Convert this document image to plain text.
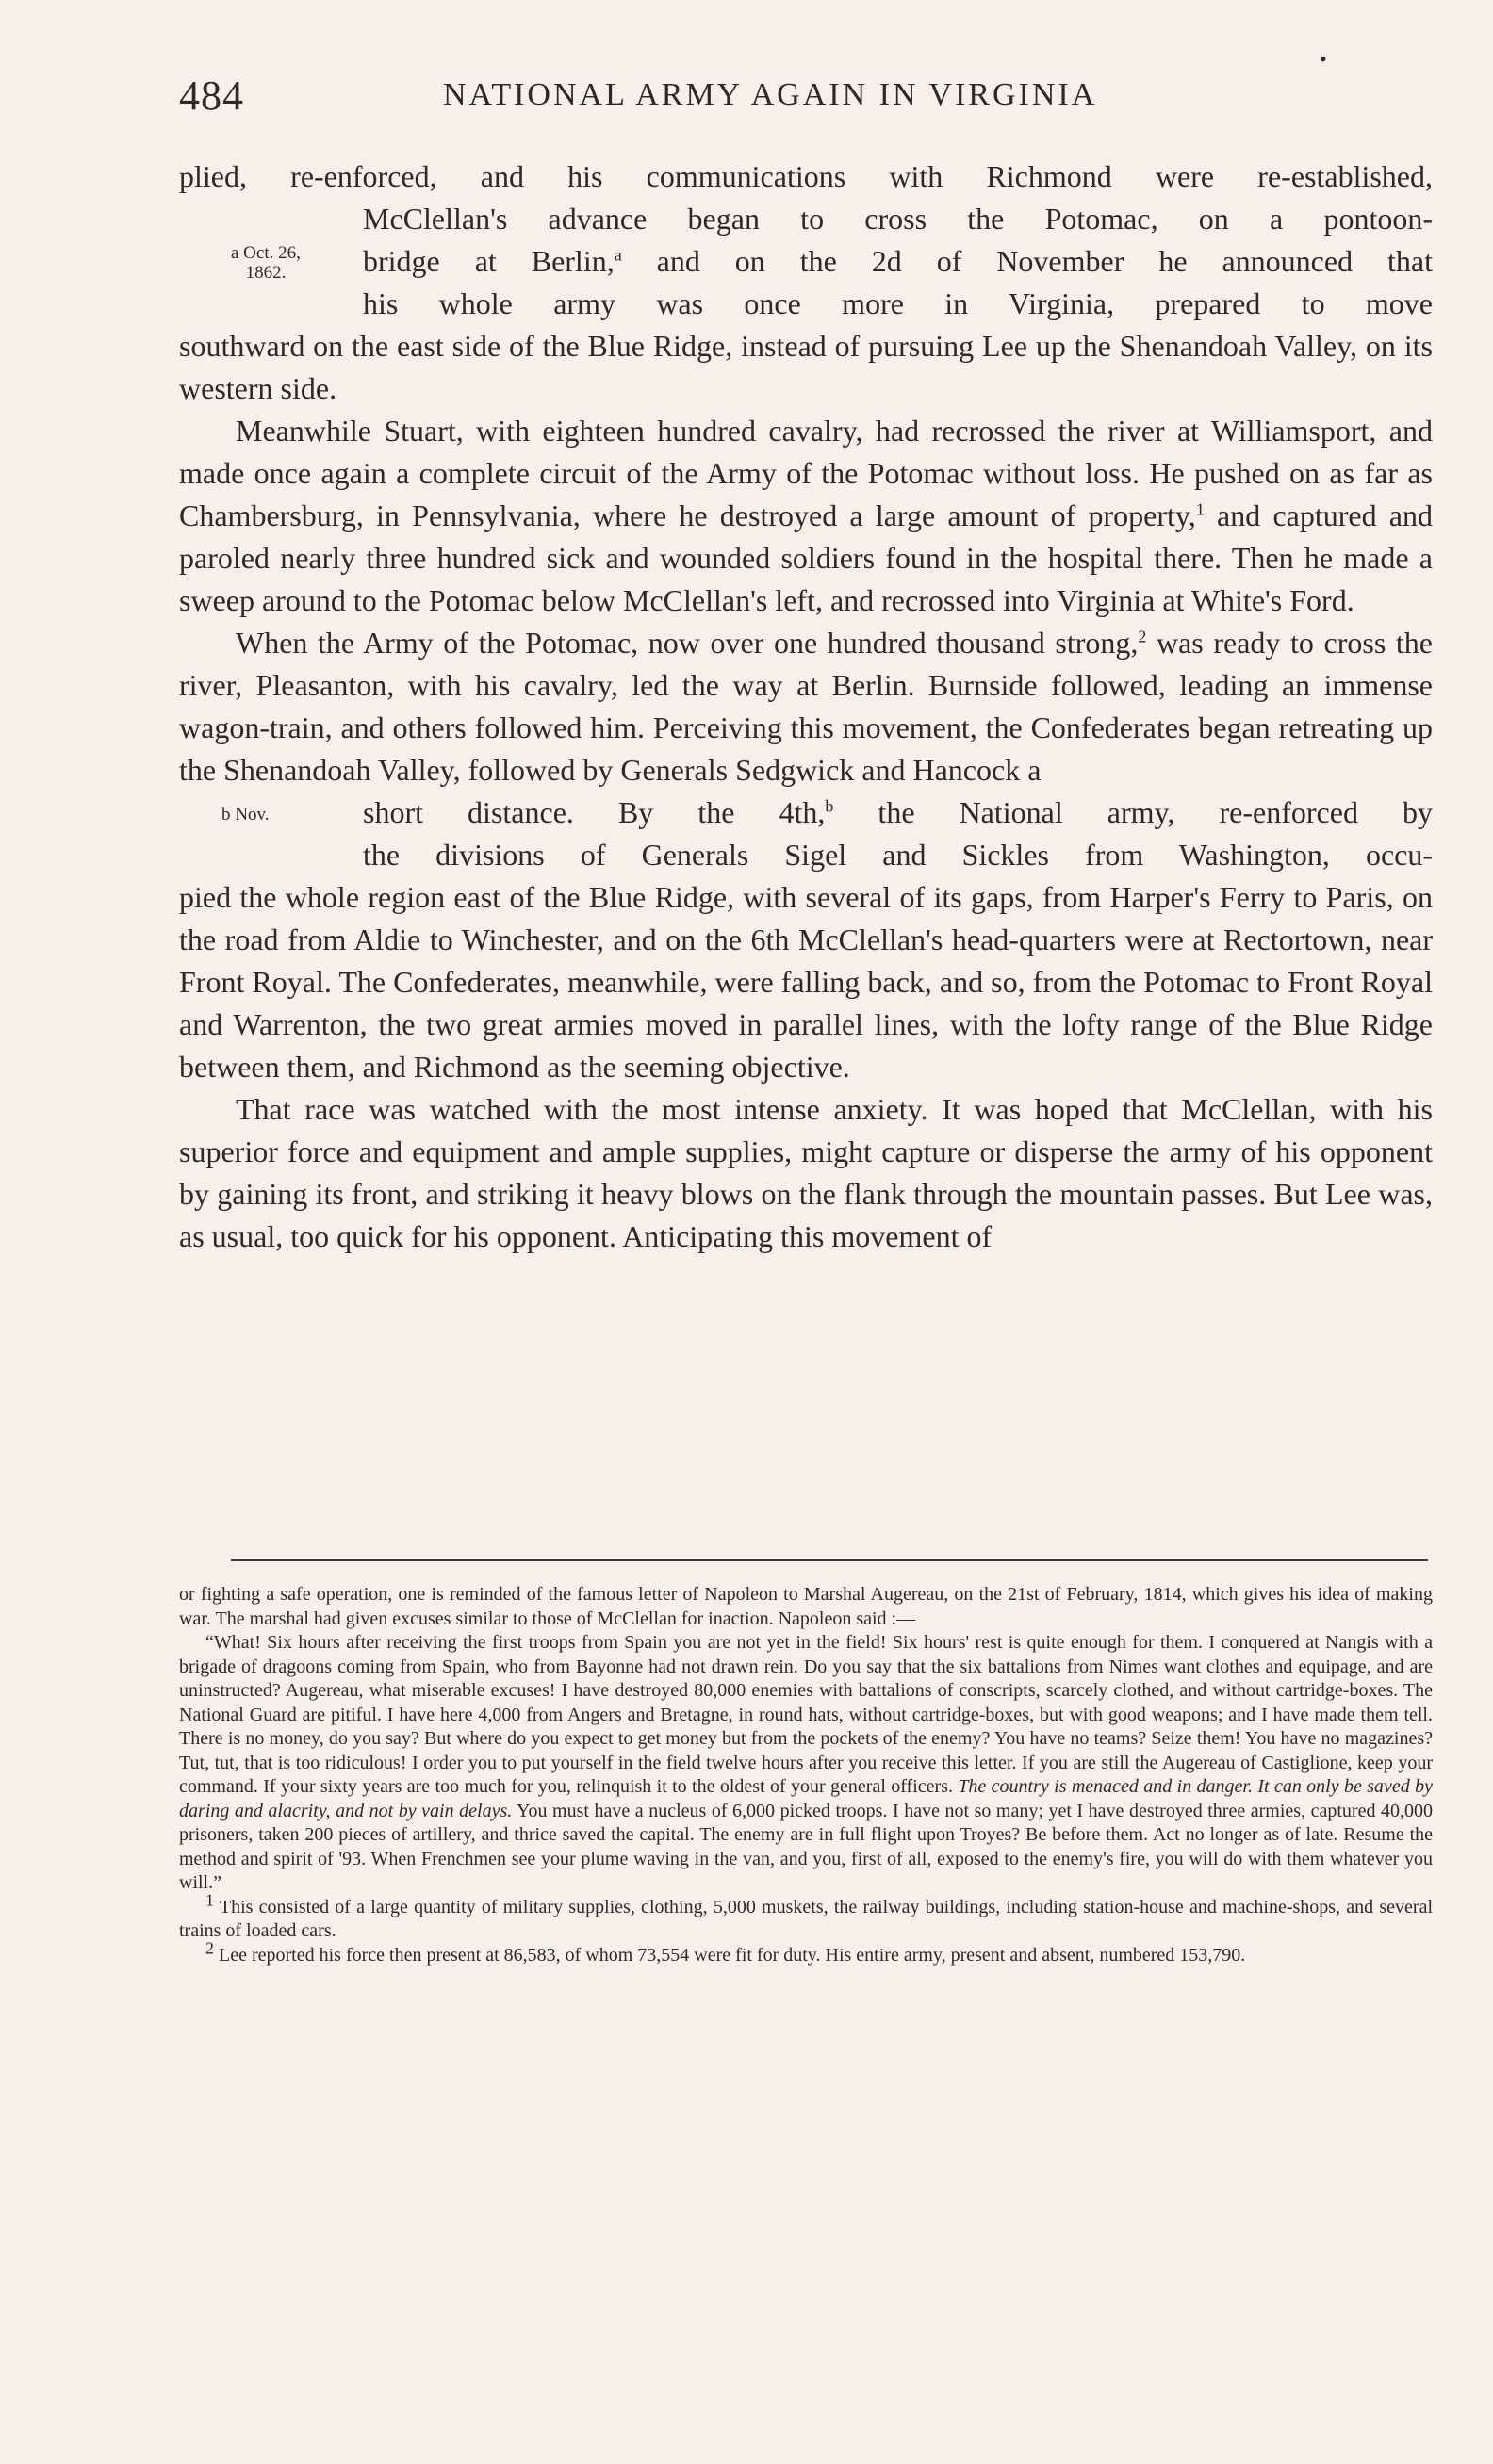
484	NATIONAL ARMY AGAIN IN VIRGINIA
•
plied, re-enforced, and his communications with Richmond were re-established,
a Oct. 26,
1862.
McClellan's advance began to cross the Potomac, on a pontoon-
bridge at Berlin,$^a$ and on the 2d of November he announced that
his whole army was once more in Virginia, prepared to move

southward on the east side of the Blue Ridge, instead of pursuing Lee up the Shenandoah Valley, on its western side.

Meanwhile Stuart, with eighteen hundred cavalry, had recrossed the river at Williamsport, and made once again a complete circuit of the Army of the Potomac without loss. He pushed on as far as Chambersburg, in Pennsylvania, where he destroyed a large amount of property,$^1$ and captured and paroled nearly three hundred sick and wounded soldiers found in the hospital there. Then he made a sweep around to the Potomac below McClellan's left, and recrossed into Virginia at White's Ford.

When the Army of the Potomac, now over one hundred thousand strong,$^2$ was ready to cross the river, Pleasanton, with his cavalry, led the way at Berlin. Burnside followed, leading an immense wagon-train, and others followed him. Perceiving this movement, the Confederates began retreating up the Shenandoah Valley, followed by Generals Sedgwick and Hancock a

b Nov.	short distance. By the 4th,$^b$ the National army, re-enforced by
the divisions of Generals Sigel and Sickles from Washington, occu-

pied the whole region east of the Blue Ridge, with several of its gaps, from Harper's Ferry to Paris, on the road from Aldie to Winchester, and on the 6th McClellan's head-quarters were at Rectortown, near Front Royal. The Confederates, meanwhile, were falling back, and so, from the Potomac to Front Royal and Warrenton, the two great armies moved in parallel lines, with the lofty range of the Blue Ridge between them, and Richmond as the seeming objective.

That race was watched with the most intense anxiety. It was hoped that McClellan, with his superior force and equipment and ample supplies, might capture or disperse the army of his opponent by gaining its front, and striking it heavy blows on the flank through the mountain passes. But Lee was, as usual, too quick for his opponent. Anticipating this movement of

or fighting a safe operation, one is reminded of the famous letter of Napoleon to Marshal Augereau, on the 21st of February, 1814, which gives his idea of making war. The marshal had given excuses similar to those of McClellan for inaction. Napoleon said :—

“What! Six hours after receiving the first troops from Spain you are not yet in the field! Six hours' rest is quite enough for them. I conquered at Nangis with a brigade of dragoons coming from Spain, who from Bayonne had not drawn rein. Do you say that the six battalions from Nimes want clothes and equipage, and are uninstructed? Augereau, what miserable excuses! I have destroyed 80,000 enemies with battalions of conscripts, scarcely clothed, and without cartridge-boxes. The National Guard are pitiful. I have here 4,000 from Angers and Bretagne, in round hats, without cartridge-boxes, but with good weapons; and I have made them tell. There is no money, do you say? But where do you expect to get money but from the pockets of the enemy? You have no teams? Seize them! You have no magazines? Tut, tut, that is too ridiculous! I order you to put yourself in the field twelve hours after you receive this letter. If you are still the Augereau of Castiglione, keep your command. If your sixty years are too much for you, relinquish it to the oldest of your general officers. The country is menaced and in danger. It can only be saved by daring and alacrity, and not by vain delays. You must have a nucleus of 6,000 picked troops. I have not so many; yet I have destroyed three armies, captured 40,000 prisoners, taken 200 pieces of artillery, and thrice saved the capital. The enemy are in full flight upon Troyes? Be before them. Act no longer as of late. Resume the method and spirit of '93. When Frenchmen see your plume waving in the van, and you, first of all, exposed to the enemy's fire, you will do with them whatever you will.”

$^1$ This consisted of a large quantity of military supplies, clothing, 5,000 muskets, the railway buildings, including station-house and machine-shops, and several trains of loaded cars.

$^2$ Lee reported his force then present at 86,583, of whom 73,554 were fit for duty. His entire army, present and absent, numbered 153,790.
